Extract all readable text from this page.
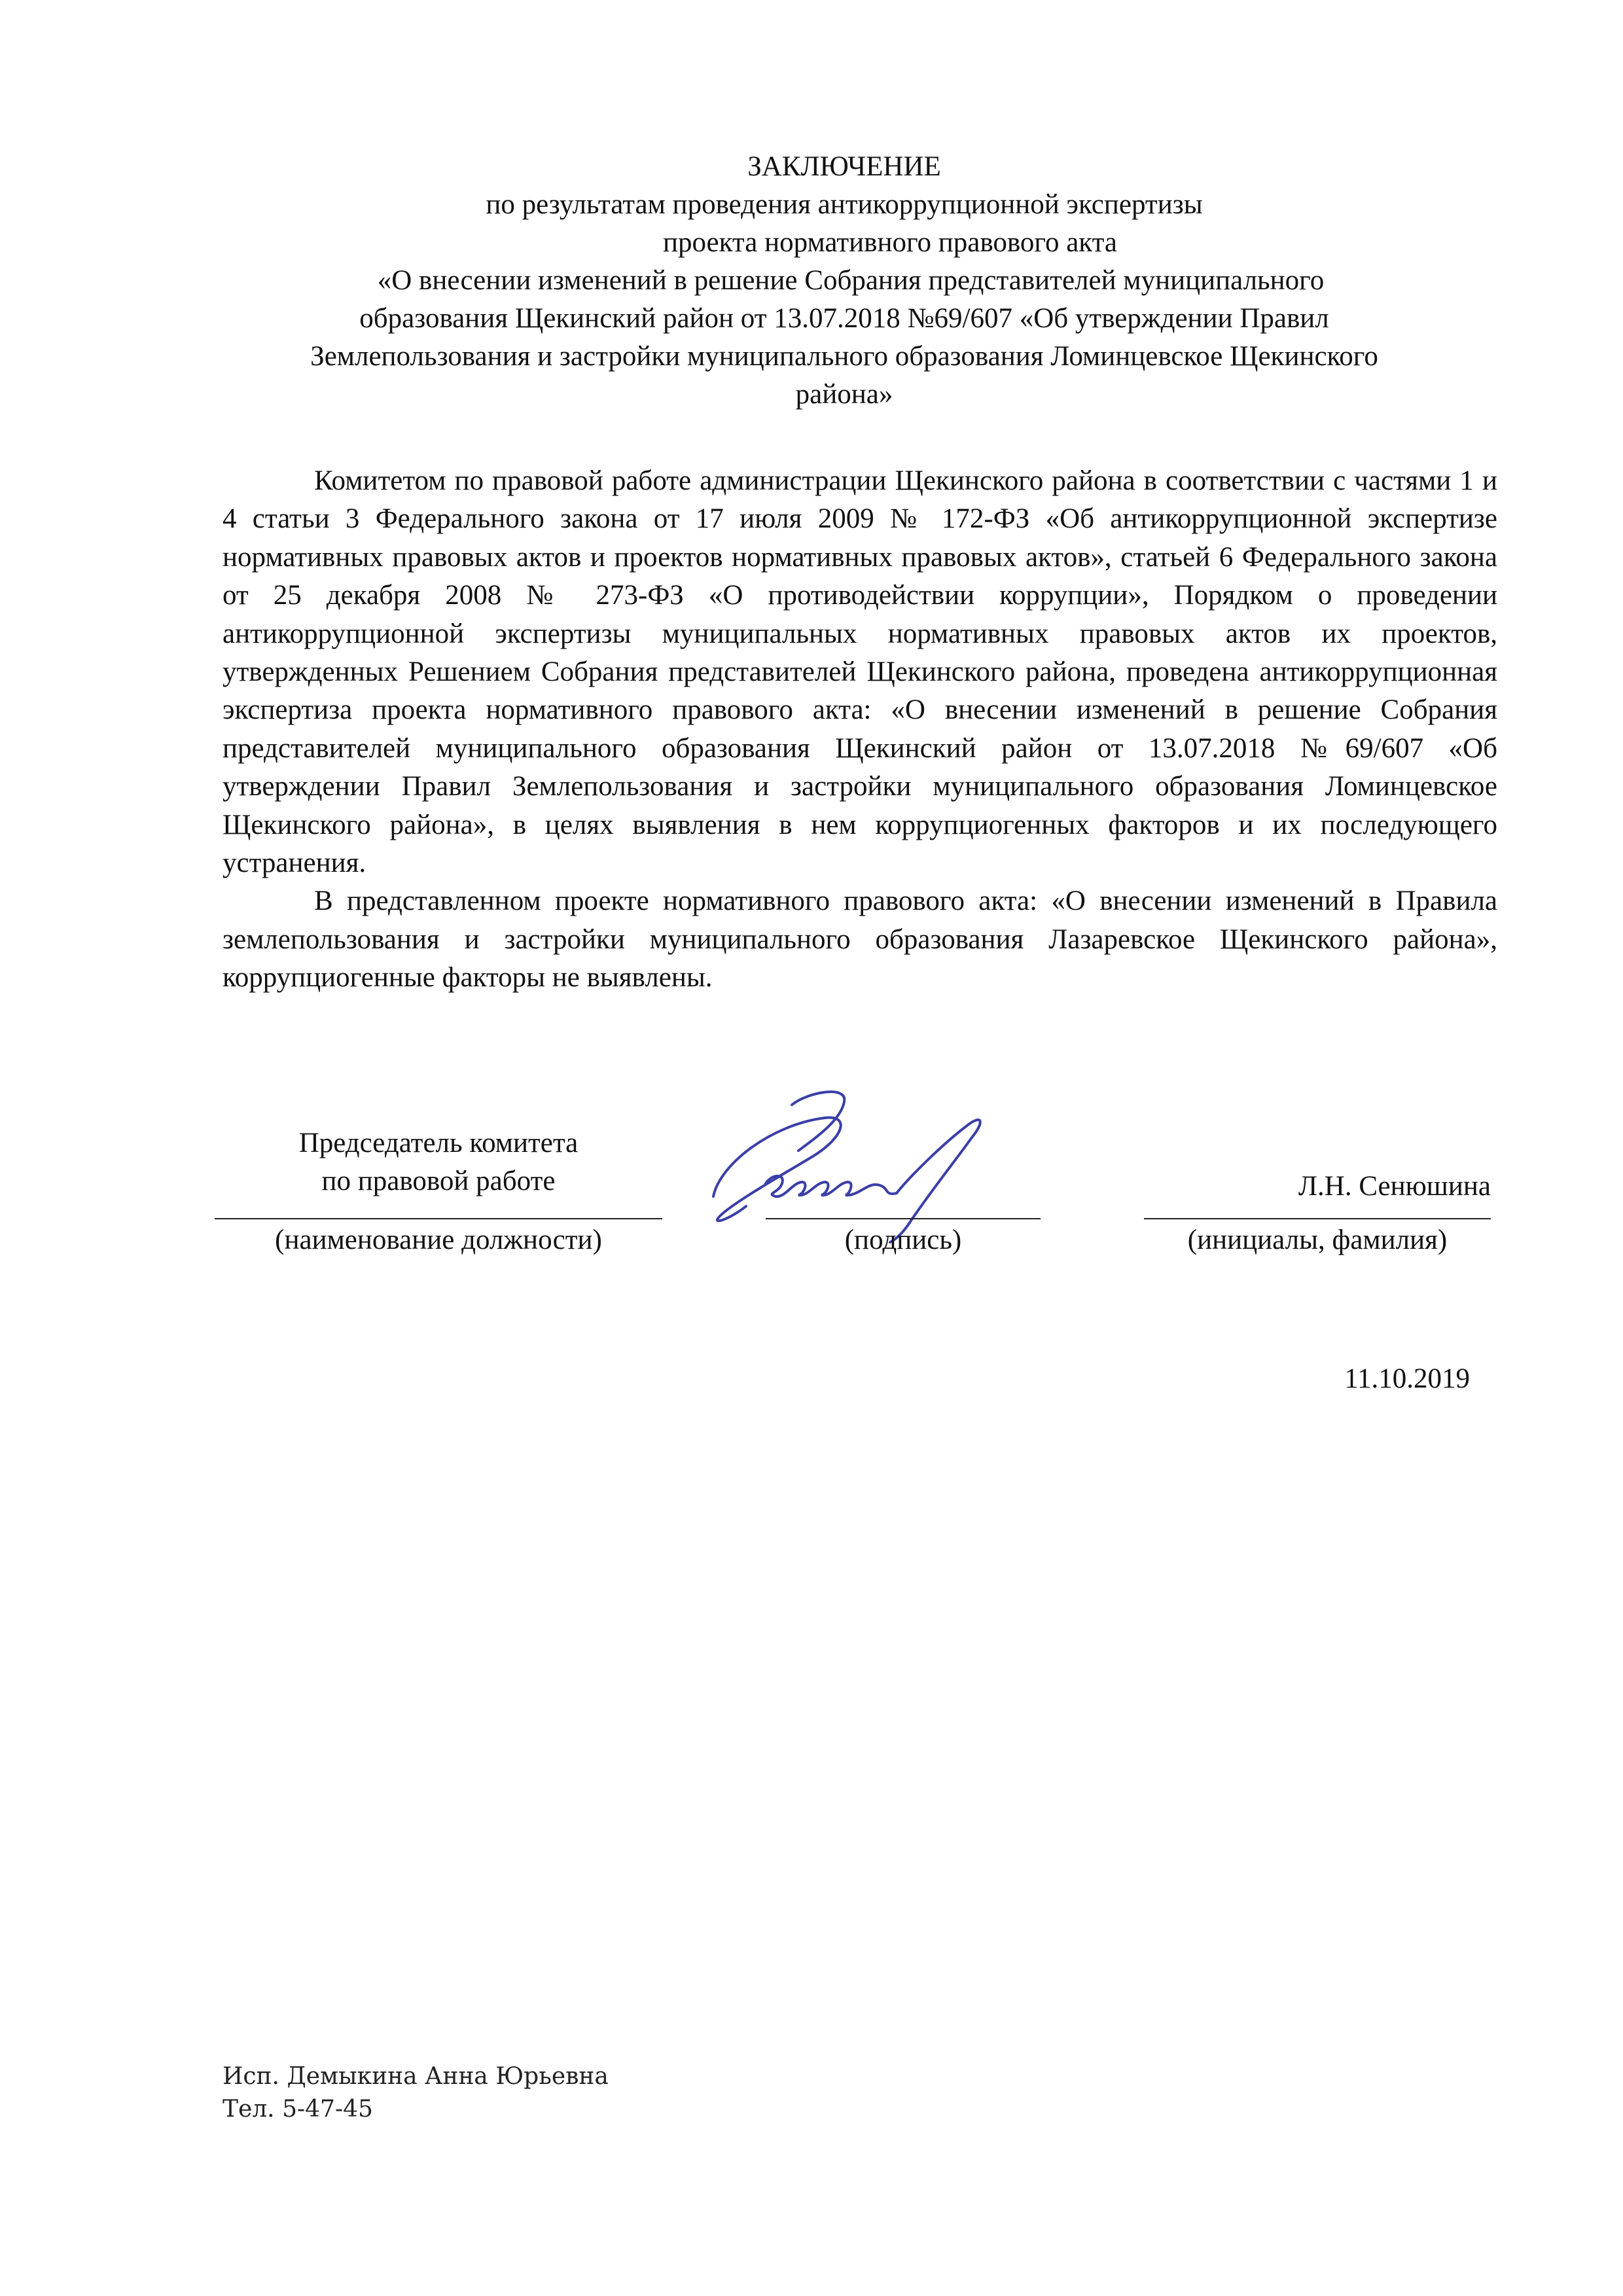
ЗАКЛЮЧЕНИЕ
по результатам проведения антикоррупционной экспертизы
проекта нормативного правового акта
«О внесении изменений в решение Собрания представителей муниципального
образования Щекинский район от 13.07.2018 №69/607 «Об утверждении Правил
Землепользования и застройки муниципального образования Ломинцевское Щекинского
района»

Комитетом по правовой работе администрации Щекинского района в соответствии с частями 1 и 4 статьи 3 Федерального закона от 17 июля 2009 № 172-ФЗ «Об антикоррупционной экспертизе нормативных правовых актов и проектов нормативных правовых актов», статьей 6 Федерального закона от 25 декабря 2008 № 273-ФЗ «О противодействии коррупции», Порядком о проведении антикоррупционной экспертизы муниципальных нормативных правовых актов их проектов, утвержденных Решением Собрания представителей Щекинского района, проведена антикоррупционная экспертиза проекта нормативного правового акта: «О внесении изменений в решение Собрания представителей муниципального образования Щекинский район от 13.07.2018 №69/607 «Об утверждении Правил Землепользования и застройки муниципального образования Ломинцевское Щекинского района», в целях выявления в нем коррупциогенных факторов и их последующего устранения.

В представленном проекте нормативного правового акта: «О внесении изменений в Правила землепользования и застройки муниципального образования Лазаревское Щекинского района», коррупциогенные факторы не выявлены.

Председатель комитета
по правовой работе
(наименование должности)	(подпись)
Л.Н. Сенюшина
(инициалы, фамилия)
11.10.2019
Исп. Демыкина Анна Юрьевна
Тел. 5-47-45
